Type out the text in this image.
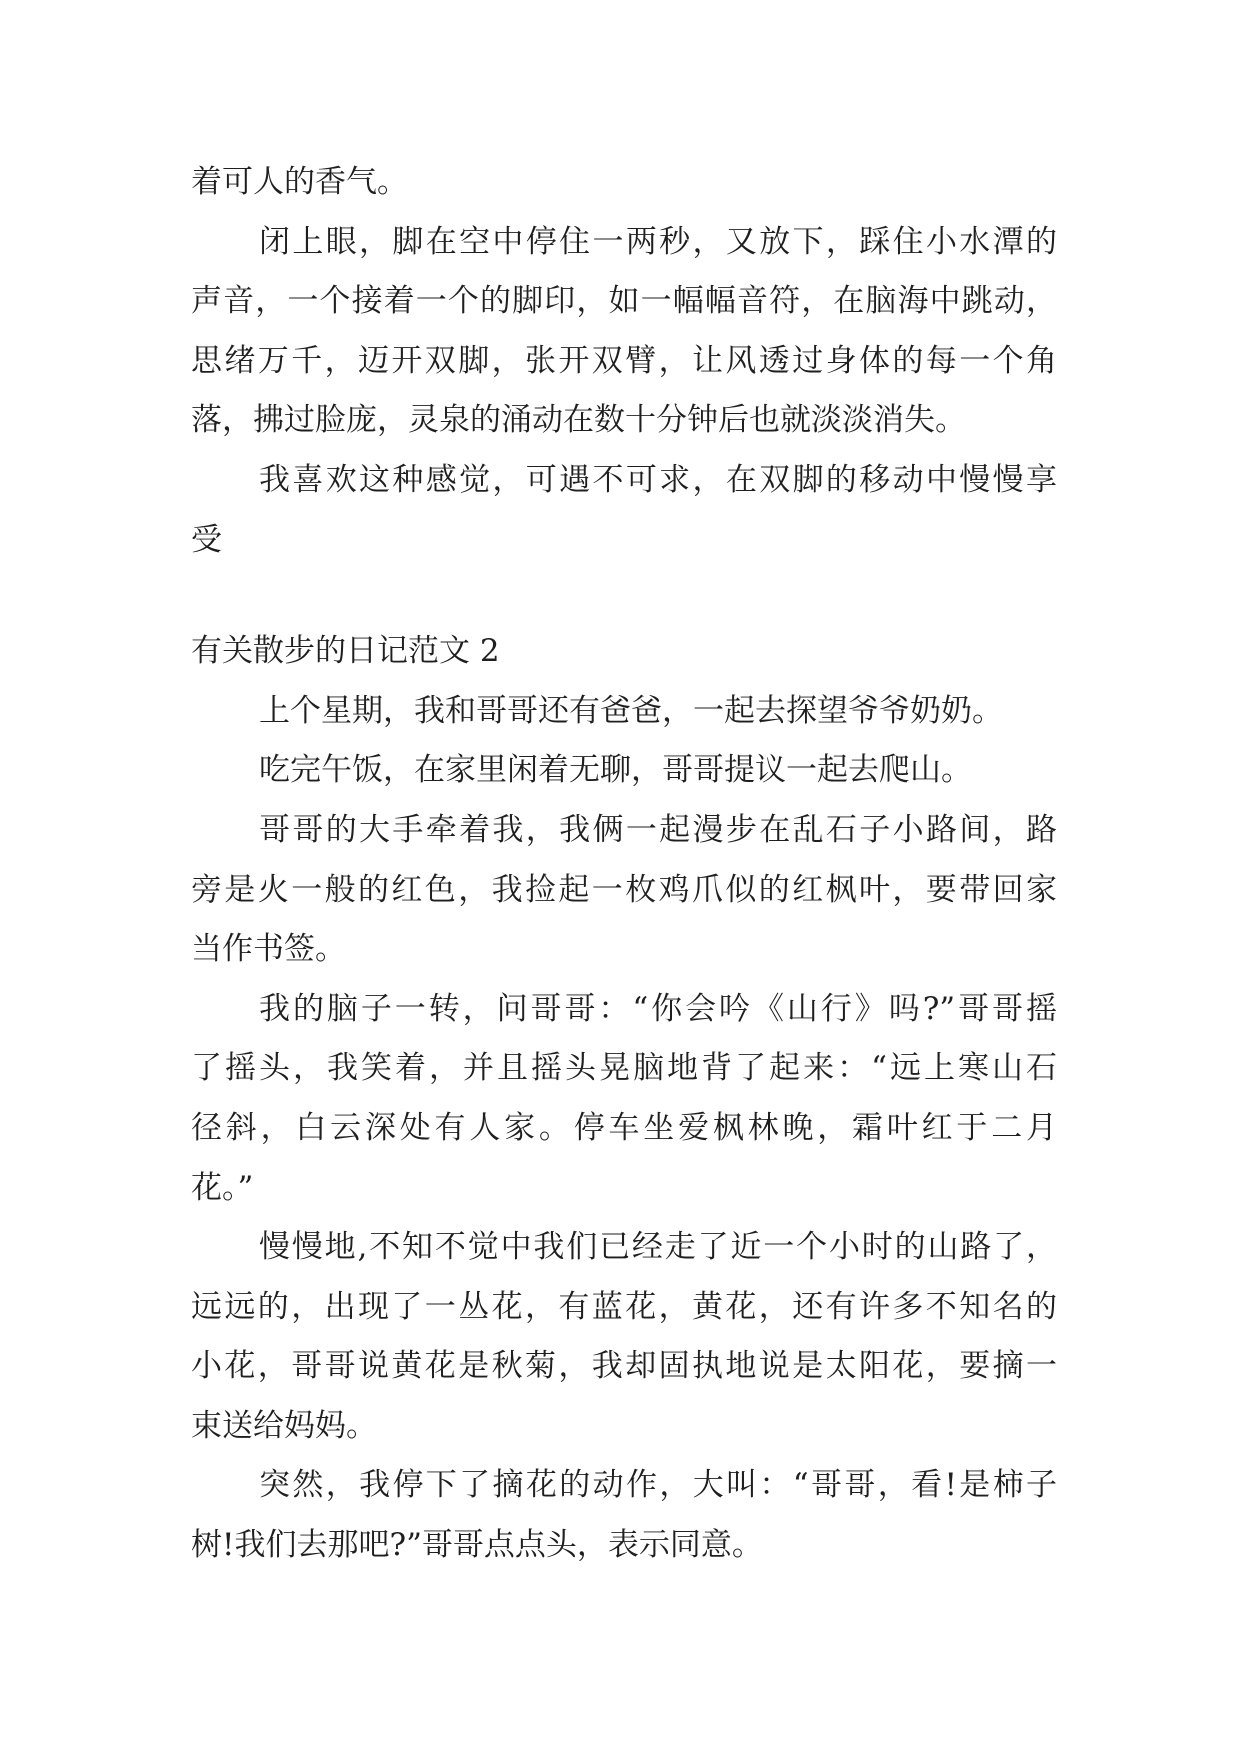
着可人的香气。
闭上眼，脚在空中停住一两秒，又放下，踩住小水潭的
声音，一个接着一个的脚印，如一幅幅音符，在脑海中跳动，
思绪万千，迈开双脚，张开双臂，让风透过身体的每一个角
落，拂过脸庞，灵泉的涌动在数十分钟后也就淡淡消失。
我喜欢这种感觉，可遇不可求，在双脚的移动中慢慢享
受
有关散步的日记范文 2
上个星期，我和哥哥还有爸爸，一起去探望爷爷奶奶。
吃完午饭，在家里闲着无聊，哥哥提议一起去爬山。
哥哥的大手牵着我，我俩一起漫步在乱石子小路间，路
旁是火一般的红色，我捡起一枚鸡爪似的红枫叶，要带回家
当作书签。
我的脑子一转，问哥哥：“你会吟《山行》吗?”哥哥摇
了摇头，我笑着，并且摇头晃脑地背了起来：“远上寒山石
径斜，白云深处有人家。停车坐爱枫林晚，霜叶红于二月
花。”
慢慢地,不知不觉中我们已经走了近一个小时的山路了，
远远的，出现了一丛花，有蓝花，黄花，还有许多不知名的
小花，哥哥说黄花是秋菊，我却固执地说是太阳花，要摘一
束送给妈妈。
突然，我停下了摘花的动作，大叫：“哥哥，看!是柿子
树!我们去那吧?”哥哥点点头，表示同意。
